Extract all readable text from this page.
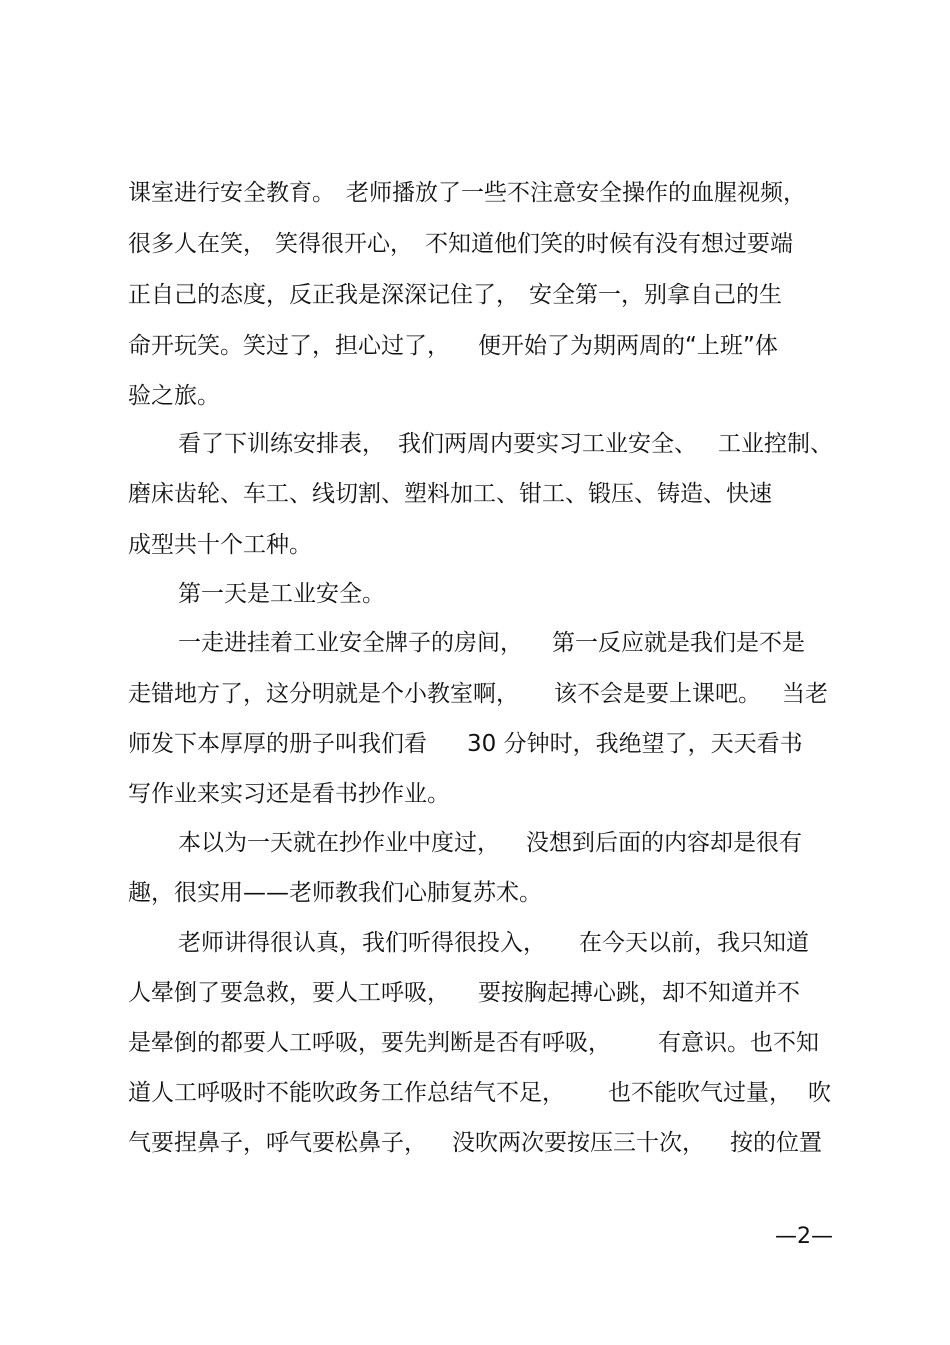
课室进行安全教育。

老师播放了一些不注意安全操作的血腥视频，

很多人在笑，

笑得很开心，

不知道他们笑的时候有没有想过要端

正自己的态度，反正我是深深记住了，

安全第一，别拿自己的生

命开玩笑。笑过了，担心过了，

便开始了为期两周的“上班”体

验之旅。

看了下训练安排表，

我们两周内要实习工业安全、

工业控制、

磨床齿轮、车工、线切割、塑料加工、钳工、锻压、铸造、快速

成型共十个工种。

第一天是工业安全。

一走进挂着工业安全牌子的房间，

第一反应就是我们是不是

走错地方了，这分明就是个小教室啊，

该不会是要上课吧。

当老

师发下本厚厚的册子叫我们看

30 分钟时，我绝望了，天天看书

写作业来实习还是看书抄作业。

本以为一天就在抄作业中度过，

没想到后面的内容却是很有

趣，很实用——老师教我们心肺复苏术。

老师讲得很认真，我们听得很投入，

在今天以前，我只知道

人晕倒了要急救，要人工呼吸，

要按胸起搏心跳，却不知道并不

是晕倒的都要人工呼吸，要先判断是否有呼吸，

有意识。也不知

道人工呼吸时不能吹政务工作总结气不足，

也不能吹气过量，

吹

气要捏鼻子，呼气要松鼻子，

没吹两次要按压三十次，

按的位置

—2—
